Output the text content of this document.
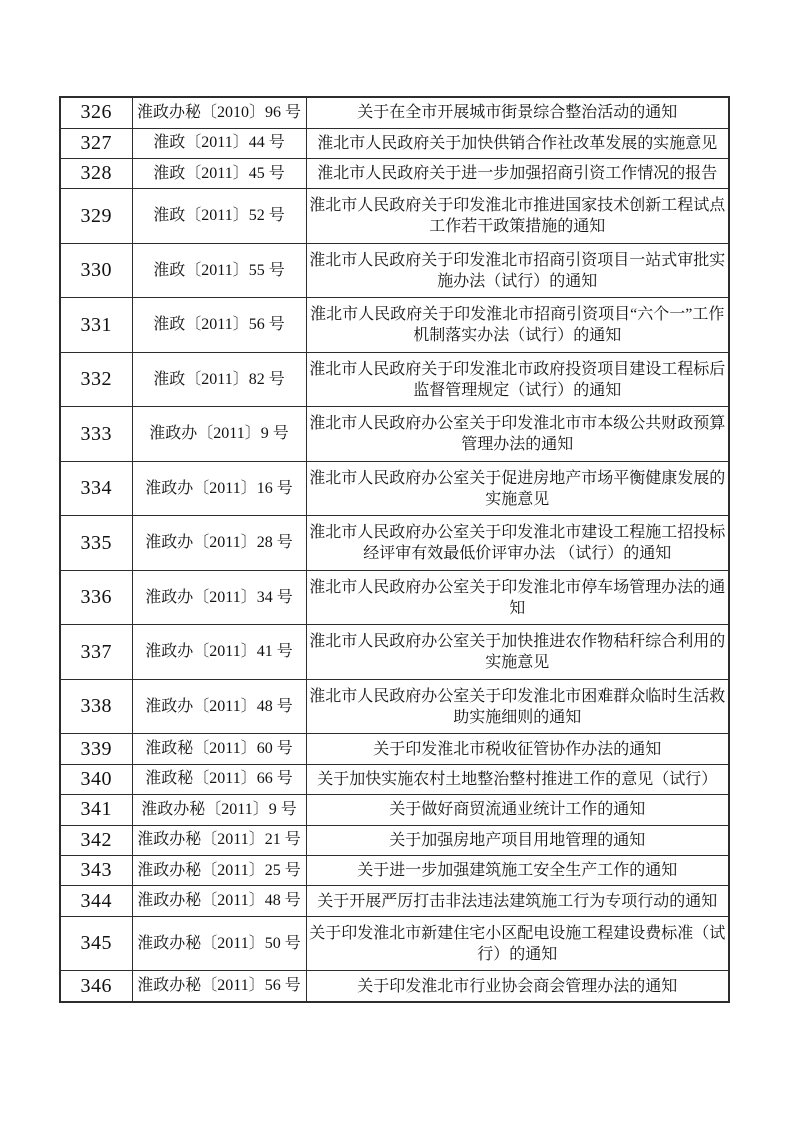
326	淮政办秘〔2010〕96 号	关于在全市开展城市街景综合整治活动的通知
327	淮政〔2011〕44 号	淮北市人民政府关于加快供销合作社改革发展的实施意见
328	淮政〔2011〕45 号	淮北市人民政府关于进一步加强招商引资工作情况的报告
329	淮政〔2011〕52 号	淮北市人民政府关于印发淮北市推进国家技术创新工程试点工作若干政策措施的通知
330	淮政〔2011〕55 号	淮北市人民政府关于印发淮北市招商引资项目一站式审批实施办法（试行）的通知
331	淮政〔2011〕56 号	淮北市人民政府关于印发淮北市招商引资项目“六个一”工作机制落实办法（试行）的通知
332	淮政〔2011〕82 号	淮北市人民政府关于印发淮北市政府投资项目建设工程标后监督管理规定（试行）的通知
333	淮政办〔2011〕9 号	淮北市人民政府办公室关于印发淮北市市本级公共财政预算管理办法的通知
334	淮政办〔2011〕16 号	淮北市人民政府办公室关于促进房地产市场平衡健康发展的实施意见
335	淮政办〔2011〕28 号	淮北市人民政府办公室关于印发淮北市建设工程施工招投标经评审有效最低价评审办法 （试行）的通知
336	淮政办〔2011〕34 号	淮北市人民政府办公室关于印发淮北市停车场管理办法的通知
337	淮政办〔2011〕41 号	淮北市人民政府办公室关于加快推进农作物秸秆综合利用的实施意见
338	淮政办〔2011〕48 号	淮北市人民政府办公室关于印发淮北市困难群众临时生活救助实施细则的通知
339	淮政秘〔2011〕60 号	关于印发淮北市税收征管协作办法的通知
340	淮政秘〔2011〕66 号	关于加快实施农村土地整治整村推进工作的意见（试行）
341	淮政办秘〔2011〕9 号	关于做好商贸流通业统计工作的通知
342	淮政办秘〔2011〕21 号	关于加强房地产项目用地管理的通知
343	淮政办秘〔2011〕25 号	关于进一步加强建筑施工安全生产工作的通知
344	淮政办秘〔2011〕48 号	关于开展严厉打击非法违法建筑施工行为专项行动的通知
345	淮政办秘〔2011〕50 号	关于印发淮北市新建住宅小区配电设施工程建设费标准（试行）的通知
346	淮政办秘〔2011〕56 号	关于印发淮北市行业协会商会管理办法的通知
